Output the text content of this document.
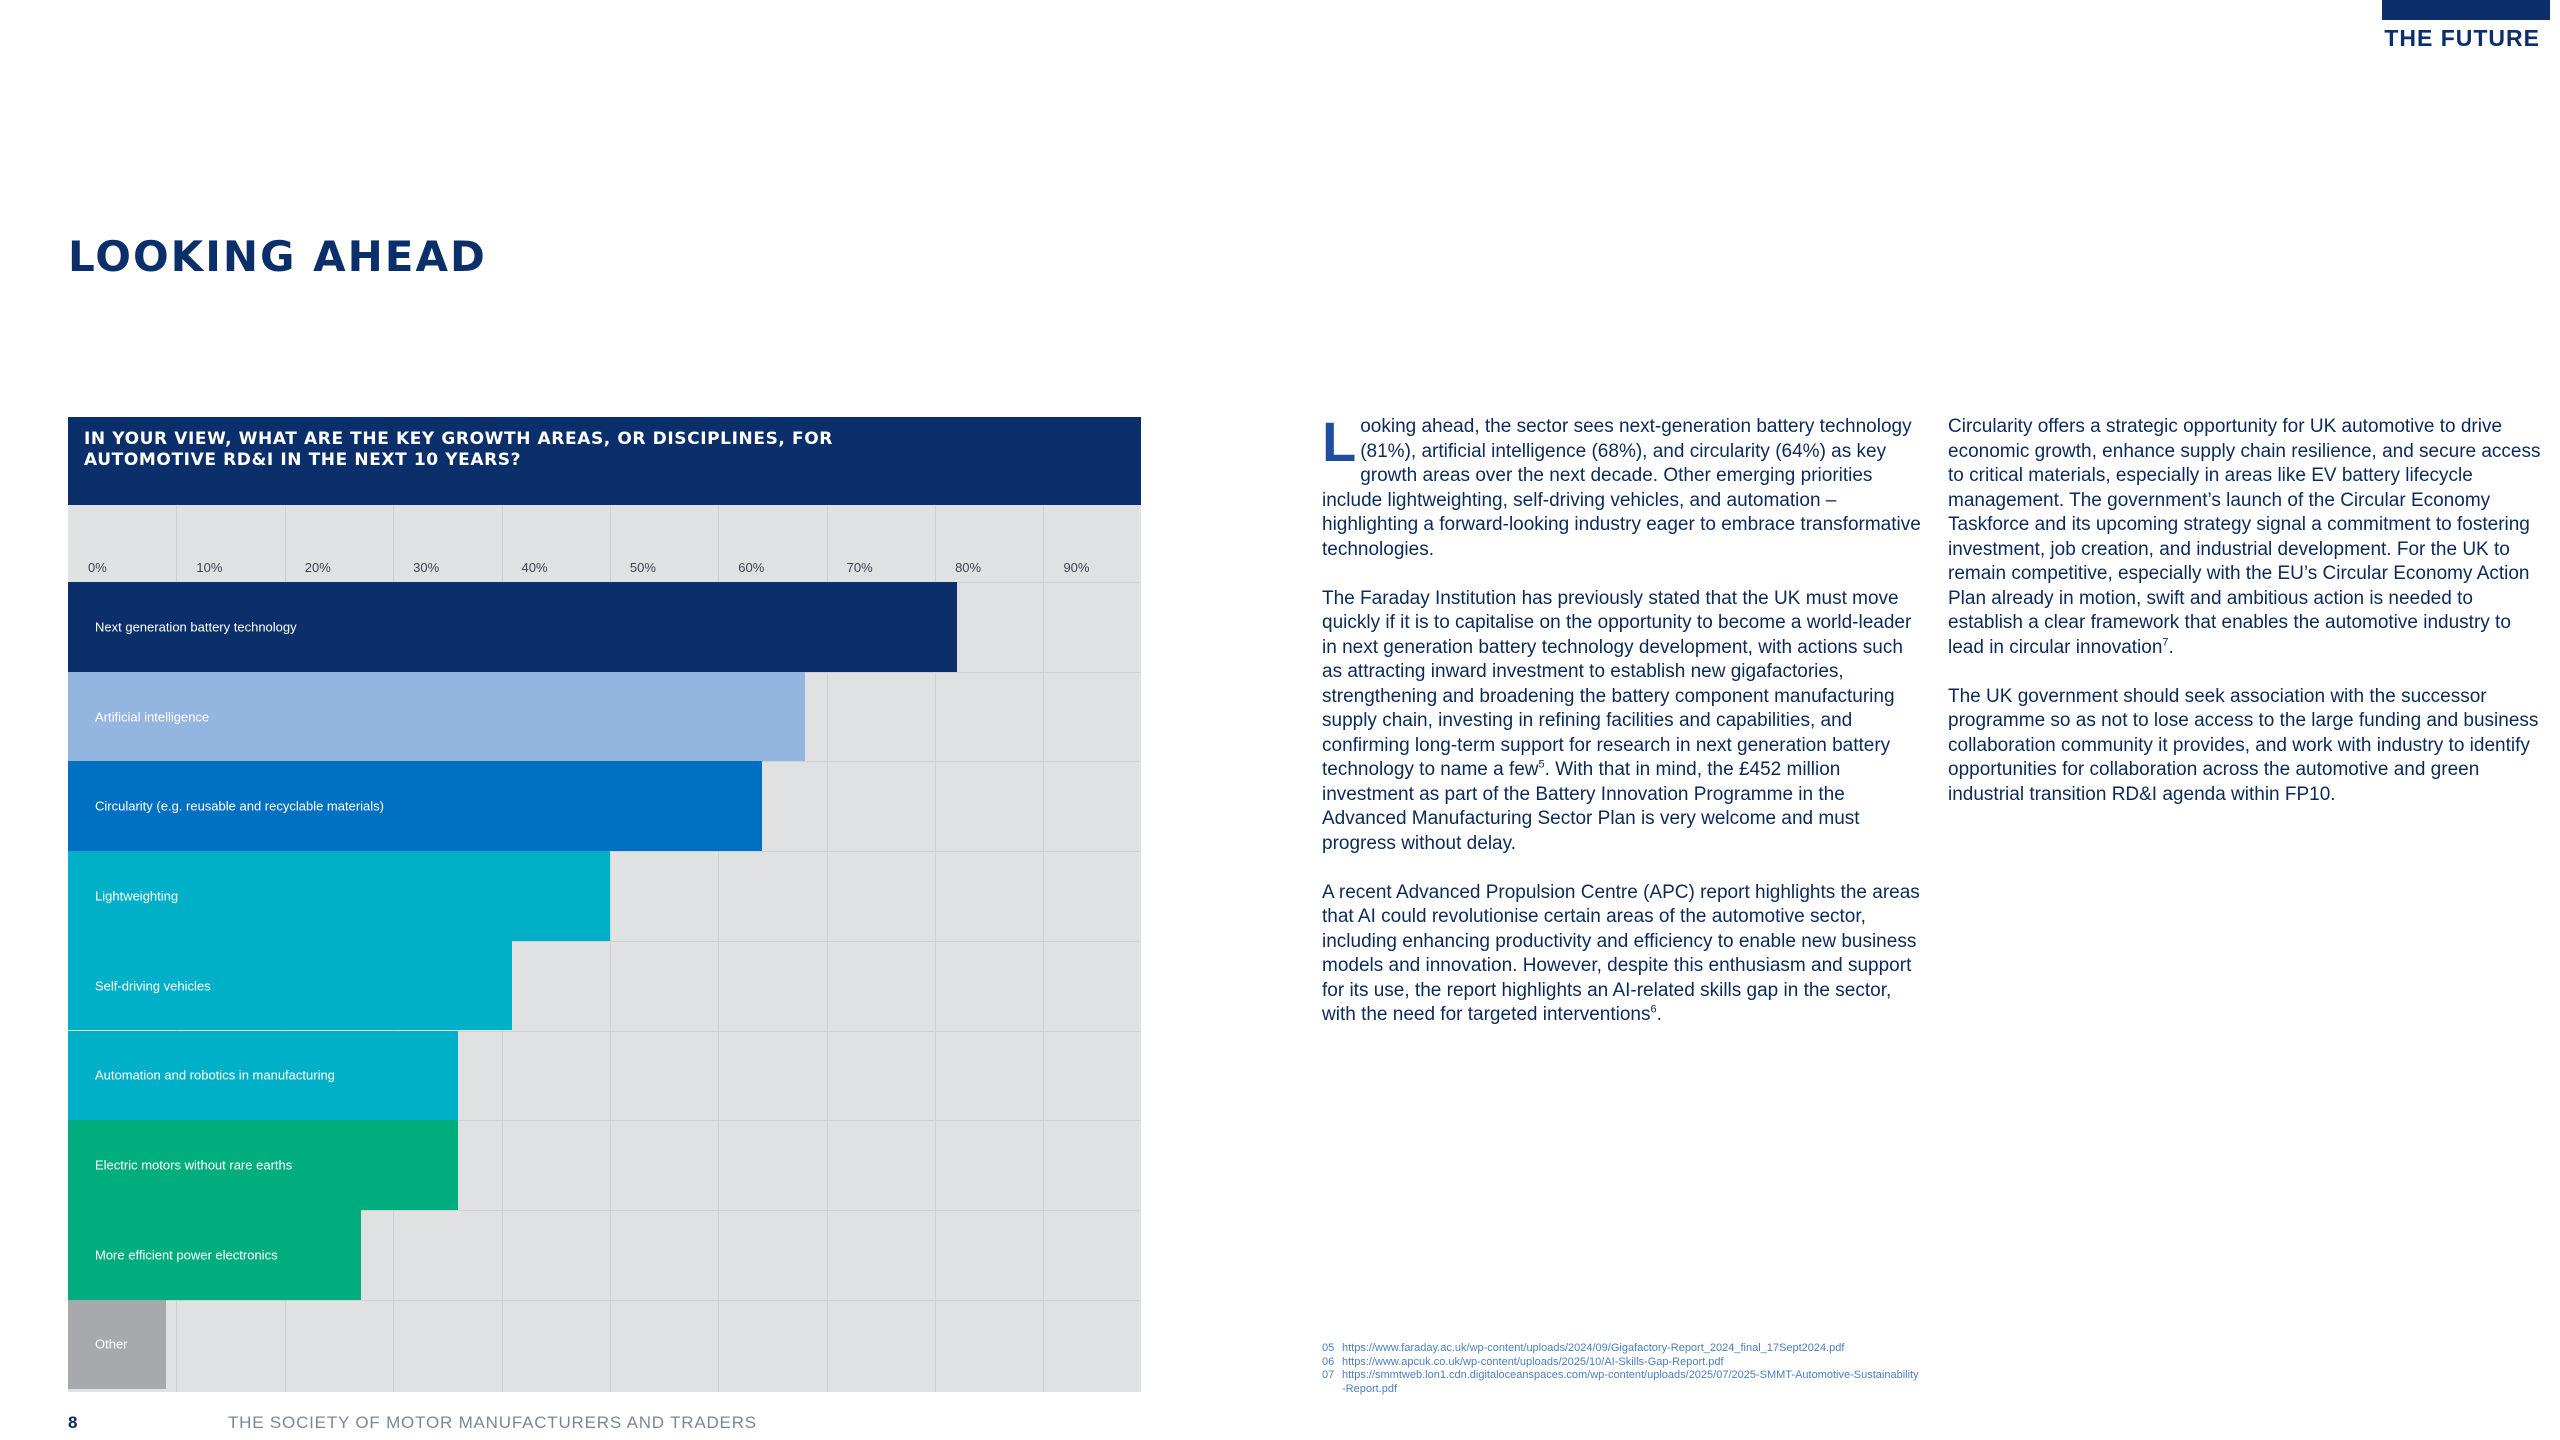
THE FUTURE
LOOKING AHEAD

IN YOUR VIEW, WHAT ARE THE KEY GROWTH AREAS, OR DISCIPLINES, FOR AUTOMOTIVE RD&I IN THE NEXT 10 YEARS?

0%	10%	20%	30%	40%	50%	60%	70%	80%	90%
Next generation battery technology
Artificial intelligence
Circularity (e.g. reusable and recyclable materials)
Lightweighting
Self-driving vehicles
Automation and robotics in manufacturing
Electric motors without rare earths
More efficient power electronics
Other

Looking ahead, the sector sees next-generation battery technology (81%), artificial intelligence (68%), and circularity (64%) as key growth areas over the next decade. Other emerging priorities include lightweighting, self-driving vehicles, and automation – highlighting a forward-looking industry eager to embrace transformative technologies.

The Faraday Institution has previously stated that the UK must move quickly if it is to capitalise on the opportunity to become a world-leader in next generation battery technology development, with actions such as attracting inward investment to establish new gigafactories, strengthening and broadening the battery component manufacturing supply chain, investing in refining facilities and capabilities, and confirming long-term support for research in next generation battery technology to name a few$^5$. With that in mind, the £452 million investment as part of the Battery Innovation Programme in the Advanced Manufacturing Sector Plan is very welcome and must progress without delay.

A recent Advanced Propulsion Centre (APC) report highlights the areas that AI could revolutionise certain areas of the automotive sector, including enhancing productivity and efficiency to enable new business models and innovation. However, despite this enthusiasm and support for its use, the report highlights an AI-related skills gap in the sector, with the need for targeted interventions$^6$.

Circularity offers a strategic opportunity for UK automotive to drive economic growth, enhance supply chain resilience, and secure access to critical materials, especially in areas like EV battery lifecycle management. The government’s launch of the Circular Economy Taskforce and its upcoming strategy signal a commitment to fostering investment, job creation, and industrial development. For the UK to remain competitive, especially with the EU’s Circular Economy Action Plan already in motion, swift and ambitious action is needed to establish a clear framework that enables the automotive industry to lead in circular innovation$^7$.

The UK government should seek association with the successor programme so as not to lose access to the large funding and business collaboration community it provides, and work with industry to identify opportunities for collaboration across the automotive and green industrial transition RD&I agenda within FP10.

05 https://www.faraday.ac.uk/wp-content/uploads/2024/09/Gigafactory-Report_2024_final_17Sept2024.pdf
06 https://www.apcuk.co.uk/wp-content/uploads/2025/10/AI-Skills-Gap-Report.pdf
07 https://smmtweb.lon1.cdn.digitaloceanspaces.com/wp-content/uploads/2025/07/2025-SMMT-Automotive-Sustainability-Report.pdf
8	THE SOCIETY OF MOTOR MANUFACTURERS AND TRADERS
